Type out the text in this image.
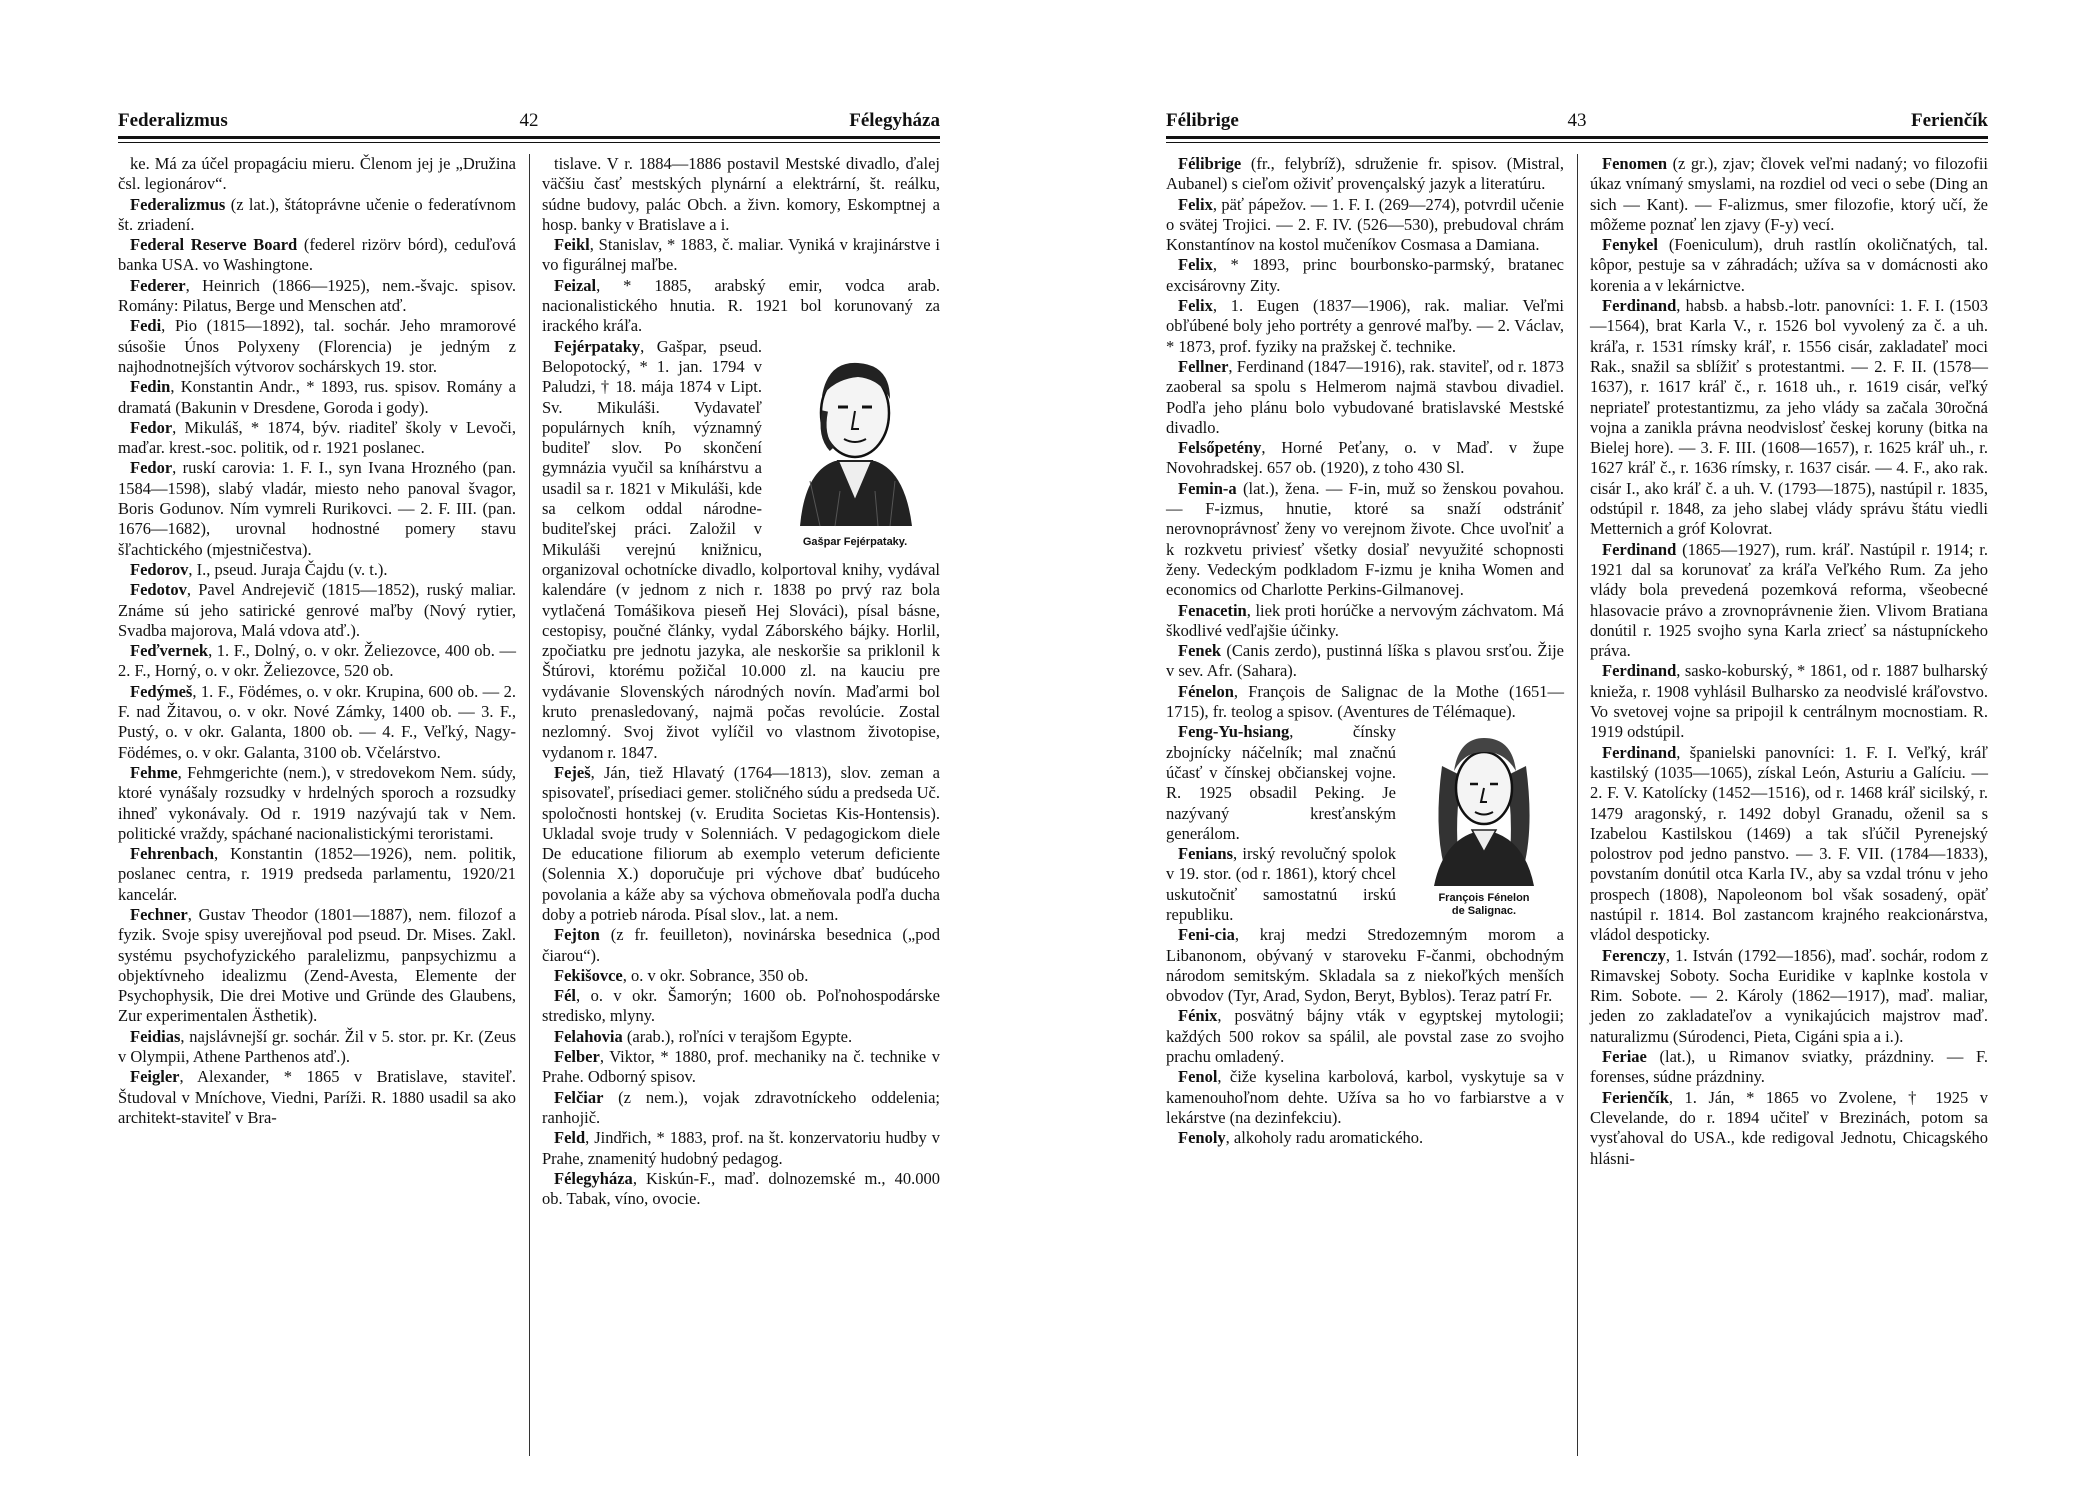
Federalizmus	42	Félegyháza

ke. Má za účel propagáciu mieru. Členom jej je „Družina čsl. legionárov“.

Federalizmus (z lat.), štátoprávne učenie o federatívnom št. zriadení.

Federal Reserve Board (federel rizörv bórd), ceduľová banka USA. vo Washingtone.

Federer, Heinrich (1866—1925), nem.-švajc. spisov. Romány: Pilatus, Berge und Menschen atď.

Fedi, Pio (1815—1892), tal. sochár. Jeho mramorové súsošie Únos Polyxeny (Florencia) je jedným z najhodnotnejších výtvorov sochárskych 19. stor.

Fedin, Konstantin Andr., * 1893, rus. spisov. Romány a dramatá (Bakunin v Dresdene, Goroda i gody).

Fedor, Mikuláš, * 1874, býv. riaditeľ školy v Levoči, maďar. krest.-soc. politik, od r. 1921 poslanec.

Fedor, ruskí carovia: 1. F. I., syn Ivana Hrozného (pan. 1584—1598), slabý vladár, miesto neho panoval švagor, Boris Godunov. Ním vymreli Rurikovci. — 2. F. III. (pan. 1676—1682), urovnal hodnostné pomery stavu šľachtického (mjestničestva).

Fedorov, I., pseud. Juraja Čajdu (v. t.).

Fedotov, Pavel Andrejevič (1815—1852), ruský maliar. Známe sú jeho satirické genrové maľby (Nový rytier, Svadba majorova, Malá vdova atď.).

Feďvernek, 1. F., Dolný, o. v okr. Želiezovce, 400 ob. — 2. F., Horný, o. v okr. Želiezovce, 520 ob.

Fedýmeš, 1. F., Födémes, o. v okr. Krupina, 600 ob. — 2. F. nad Žitavou, o. v okr. Nové Zámky, 1400 ob. — 3. F., Pustý, o. v okr. Galanta, 1800 ob. — 4. F., Veľký, Nagy-Födémes, o. v okr. Galanta, 3100 ob. Včelárstvo.

Fehme, Fehmgerichte (nem.), v stredovekom Nem. súdy, ktoré vynášaly rozsudky v hrdelných sporoch a rozsudky ihneď vykonávaly. Od r. 1919 nazývajú tak v Nem. politické vraždy, spáchané nacionalistickými teroristami.

Fehrenbach, Konstantin (1852—1926), nem. politik, poslanec centra, r. 1919 predseda parlamentu, 1920/21 kancelár.

Fechner, Gustav Theodor (1801—1887), nem. filozof a fyzik. Svoje spisy uverejňoval pod pseud. Dr. Mises. Zakl. systému psychofyzického paralelizmu, panpsychizmu a objektívneho idealizmu (Zend-Avesta, Elemente der Psychophysik, Die drei Motive und Gründe des Glaubens, Zur experimentalen Ästhetik).

Feidias, najslávnejší gr. sochár. Žil v 5. stor. pr. Kr. (Zeus v Olympii, Athene Parthenos atď.).

Feigler, Alexander, * 1865 v Bratislave, staviteľ. Študoval v Mníchove, Viedni, Paríži. R. 1880 usadil sa ako architekt-staviteľ v Bra-

tislave. V r. 1884—1886 postavil Mestské divadlo, ďalej väčšiu časť mestských plynární a elektrární, št. reálku, súdne budovy, palác Obch. a živn. komory, Eskomptnej a hosp. banky v Bratislave a i.

Feikl, Stanislav, * 1883, č. maliar. Vyniká v krajinárstve i vo figurálnej maľbe.

Feizal, * 1885, arabský emir, vodca arab. nacionalistického hnutia. R. 1921 bol korunovaný za irackého kráľa.

Gašpar Fejérpataky.

Fejérpataky, Gašpar, pseud. Belopotocký, * 1. jan. 1794 v Paludzi, † 18. mája 1874 v Lipt. Sv. Mikuláši. Vydavateľ populárnych kníh, významný buditeľ slov. Po skončení gymnázia vyučil sa kníhárstvu a usadil sa r. 1821 v Mikuláši, kde sa celkom oddal národne-buditeľskej práci. Založil v Mikuláši verejnú knižnicu, organizoval ochotnícke divadlo, kolportoval knihy, vydával kalendáre (v jednom z nich r. 1838 po prvý raz bola vytlačená Tomášikova pieseň Hej Slováci), písal básne, cestopisy, poučné články, vydal Záborského bájky. Horlil, zpočiatku pre jednotu jazyka, ale neskoršie sa priklonil k Štúrovi, ktorému požičal 10.000 zl. na kauciu pre vydávanie Slovenských národných novín. Maďarmi bol kruto prenasledovaný, najmä počas revolúcie. Zostal nezlomný. Svoj život vylíčil vo vlastnom životopise, vydanom r. 1847.

Feješ, Ján, tiež Hlavatý (1764—1813), slov. zeman a spisovateľ, prísediaci gemer. stoličného súdu a predseda Uč. spoločnosti hontskej (v. Erudita Societas Kis-Hontensis). Ukladal svoje trudy v Solenniách. V pedagogickom diele De educatione filiorum ab exemplo veterum deficiente (Solennia X.) doporučuje pri výchove dbať budúceho povolania a káže aby sa výchova obmeňovala podľa ducha doby a potrieb národa. Písal slov., lat. a nem.

Fejton (z fr. feuilleton), novinárska besednica („pod čiarou“).

Fekišovce, o. v okr. Sobrance, 350 ob.

Fél, o. v okr. Šamorýn; 1600 ob. Poľnohospodárske stredisko, mlyny.

Felahovia (arab.), roľníci v terajšom Egypte.

Felber, Viktor, * 1880, prof. mechaniky na č. technike v Prahe. Odborný spisov.

Felčiar (z nem.), vojak zdravotníckeho oddelenia; ranhojič.

Feld, Jindřich, * 1883, prof. na št. konzervatoriu hudby v Prahe, znamenitý hudobný pedagog.

Félegyháza, Kiskún-F., maď. dolnozemské m., 40.000 ob. Tabak, víno, ovocie.

Félibrige	43	Ferienčík

Félibrige (fr., felybríž), sdruženie fr. spisov. (Mistral, Aubanel) s cieľom oživiť provençalský jazyk a literatúru.

Felix, päť pápežov. — 1. F. I. (269—274), potvrdil učenie o svätej Trojici. — 2. F. IV. (526—530), prebudoval chrám Konstantínov na kostol mučeníkov Cosmasa a Damiana.

Felix, * 1893, princ bourbonsko-parmský, bratanec excisárovny Zity.

Felix, 1. Eugen (1837—1906), rak. maliar. Veľmi obľúbené boly jeho portréty a genrové maľby. — 2. Václav, * 1873, prof. fyziky na pražskej č. technike.

Fellner, Ferdinand (1847—1916), rak. staviteľ, od r. 1873 zaoberal sa spolu s Helmerom najmä stavbou divadiel. Podľa jeho plánu bolo vybudované bratislavské Mestské divadlo.

Felsőpetény, Horné Peťany, o. v Maď. v župe Novohradskej. 657 ob. (1920), z toho 430 Sl.

Femin-a (lat.), žena. — F-in, muž so ženskou povahou. — F-izmus, hnutie, ktoré sa snaží odstrániť nerovnoprávnosť ženy vo verejnom živote. Chce uvoľniť a k rozkvetu priviesť všetky dosiaľ nevyužité schopnosti ženy. Vedeckým podkladom F-izmu je kniha Women and economics od Charlotte Perkins-Gilmanovej.

Fenacetin, liek proti horúčke a nervovým záchvatom. Má škodlivé vedľajšie účinky.

Fenek (Canis zerdo), pustinná líška s plavou srsťou. Žije v sev. Afr. (Sahara).

Fénelon, François de Salignac de la Mothe (1651—1715), fr. teolog a spisov. (Aventures de Télémaque).

François Fénelon
de Salignac.

Feng-Yu-hsiang, čínsky zbojnícky náčelník; mal značnú účasť v čínskej občianskej vojne. R. 1925 obsadil Peking. Je nazývaný kresťanským generálom.

Fenians, irský revolučný spolok v 19. stor. (od r. 1861), ktorý chcel uskutočniť samostatnú irskú republiku.

Feni-cia, kraj medzi Stredozemným morom a Libanonom, obývaný v staroveku F-čanmi, obchodným národom semitským. Skladala sa z niekoľkých menších obvodov (Tyr, Arad, Sydon, Beryt, Byblos). Teraz patrí Fr.

Fénix, posvätný bájny vták v egyptskej mytologii; každých 500 rokov sa spálil, ale povstal zase zo svojho prachu omladený.

Fenol, čiže kyselina karbolová, karbol, vyskytuje sa v kamenouhoľnom dehte. Užíva sa ho vo farbiarstve a v lekárstve (na dezinfekciu).

Fenoly, alkoholy radu aromatického.

Fenomen (z gr.), zjav; človek veľmi nadaný; vo filozofii úkaz vnímaný smyslami, na rozdiel od veci o sebe (Ding an sich — Kant). — F-alizmus, smer filozofie, ktorý učí, že môžeme poznať len zjavy (F-y) vecí.

Fenykel (Foeniculum), druh rastlín okoličnatých, tal. kôpor, pestuje sa v záhradách; užíva sa v domácnosti ako korenia a v lekárnictve.

Ferdinand, habsb. a habsb.-lotr. panovníci: 1. F. I. (1503—1564), brat Karla V., r. 1526 bol vyvolený za č. a uh. kráľa, r. 1531 rímsky kráľ, r. 1556 cisár, zakladateľ moci Rak., snažil sa sblížiť s protestantmi. — 2. F. II. (1578—1637), r. 1617 kráľ č., r. 1618 uh., r. 1619 cisár, veľký nepriateľ protestantizmu, za jeho vlády sa začala 30ročná vojna a zanikla právna neodvislosť českej koruny (bitka na Bielej hore). — 3. F. III. (1608—1657), r. 1625 kráľ uh., r. 1627 kráľ č., r. 1636 rímsky, r. 1637 cisár. — 4. F., ako rak. cisár I., ako kráľ č. a uh. V. (1793—1875), nastúpil r. 1835, odstúpil r. 1848, za jeho slabej vlády správu štátu viedli Metternich a gróf Kolovrat.

Ferdinand (1865—1927), rum. kráľ. Nastúpil r. 1914; r. 1921 dal sa korunovať za kráľa Veľkého Rum. Za jeho vlády bola prevedená pozemková reforma, všeobecné hlasovacie právo a zrovnoprávnenie žien. Vlivom Bratiana donútil r. 1925 svojho syna Karla zriecť sa nástupníckeho práva.

Ferdinand, sasko-koburský, * 1861, od r. 1887 bulharský knieža, r. 1908 vyhlásil Bulharsko za neodvislé kráľovstvo. Vo svetovej vojne sa pripojil k centrálnym mocnostiam. R. 1919 odstúpil.

Ferdinand, španielski panovníci: 1. F. I. Veľký, kráľ kastilský (1035—1065), získal León, Asturiu a Galíciu. — 2. F. V. Katolícky (1452—1516), od r. 1468 kráľ sicilský, r. 1479 aragonský, r. 1492 dobyl Granadu, oženil sa s Izabelou Kastilskou (1469) a tak sľúčil Pyrenejský polostrov pod jedno panstvo. — 3. F. VII. (1784—1833), povstaním donútil otca Karla IV., aby sa vzdal trónu v jeho prospech (1808), Napoleonom bol však sosadený, opäť nastúpil r. 1814. Bol zastancom krajného reakcionárstva, vládol despoticky.

Ferenczy, 1. István (1792—1856), maď. sochár, rodom z Rimavskej Soboty. Socha Euridike v kaplnke kostola v Rim. Sobote. — 2. Károly (1862—1917), maď. maliar, jeden zo zakladateľov a vynikajúcich majstrov maď. naturalizmu (Súrodenci, Pieta, Cigáni spia a i.).

Feriae (lat.), u Rimanov sviatky, prázdniny. — F. forenses, súdne prázdniny.

Ferienčík, 1. Ján, * 1865 vo Zvolene, † 1925 v Clevelande, do r. 1894 učiteľ v Brezinách, potom sa vysťahoval do USA., kde redigoval Jednotu, Chicagského hlásni-
